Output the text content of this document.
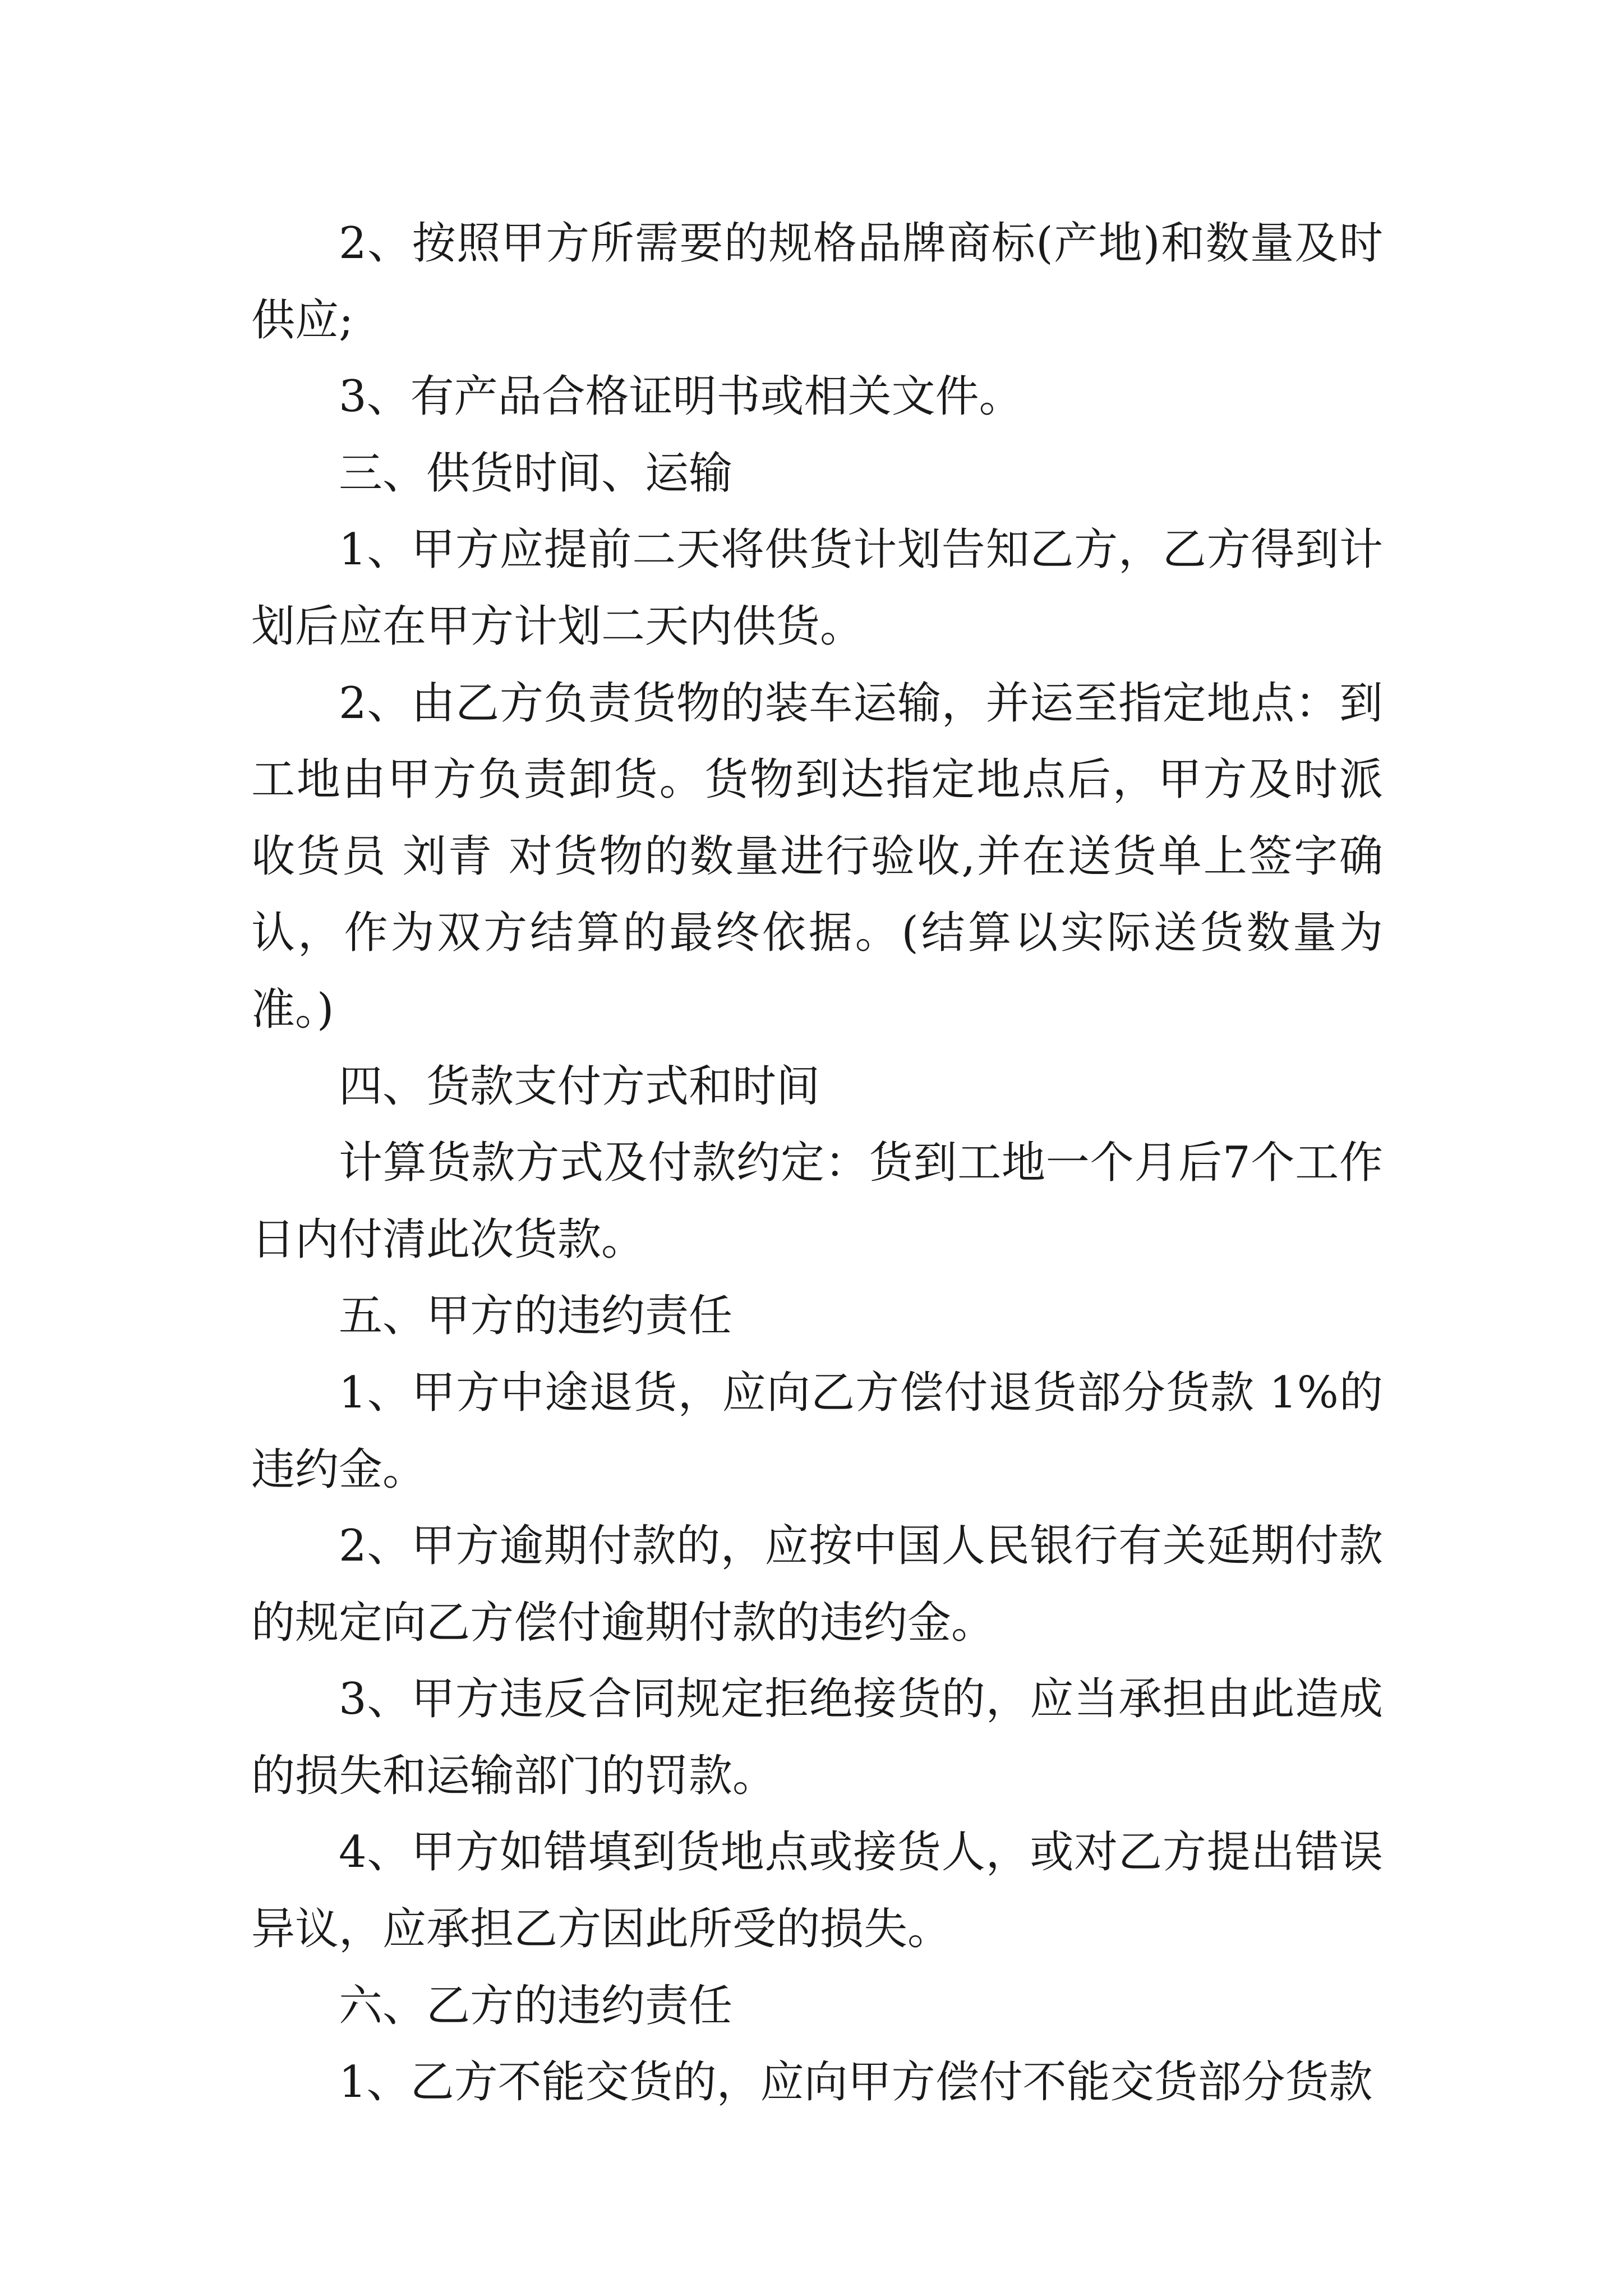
2、按照甲方所需要的规格品牌商标(产地)和数量及时供应;

3、有产品合格证明书或相关文件。

三、供货时间、运输

1、甲方应提前二天将供货计划告知乙方，乙方得到计划后应在甲方计划二天内供货。

2、由乙方负责货物的装车运输，并运至指定地点：到工地由甲方负责卸货。货物到达指定地点后，甲方及时派收货员 刘青 对货物的数量进行验收,并在送货单上签字确认，作为双方结算的最终依据。(结算以实际送货数量为准。)

四、货款支付方式和时间

计算货款方式及付款约定：货到工地一个月后7个工作日内付清此次货款。

五、甲方的违约责任

1、甲方中途退货，应向乙方偿付退货部分货款 1%的违约金。

2、甲方逾期付款的，应按中国人民银行有关延期付款的规定向乙方偿付逾期付款的违约金。

3、甲方违反合同规定拒绝接货的，应当承担由此造成的损失和运输部门的罚款。

4、甲方如错填到货地点或接货人，或对乙方提出错误异议，应承担乙方因此所受的损失。

六、乙方的违约责任

1、乙方不能交货的，应向甲方偿付不能交货部分货款
